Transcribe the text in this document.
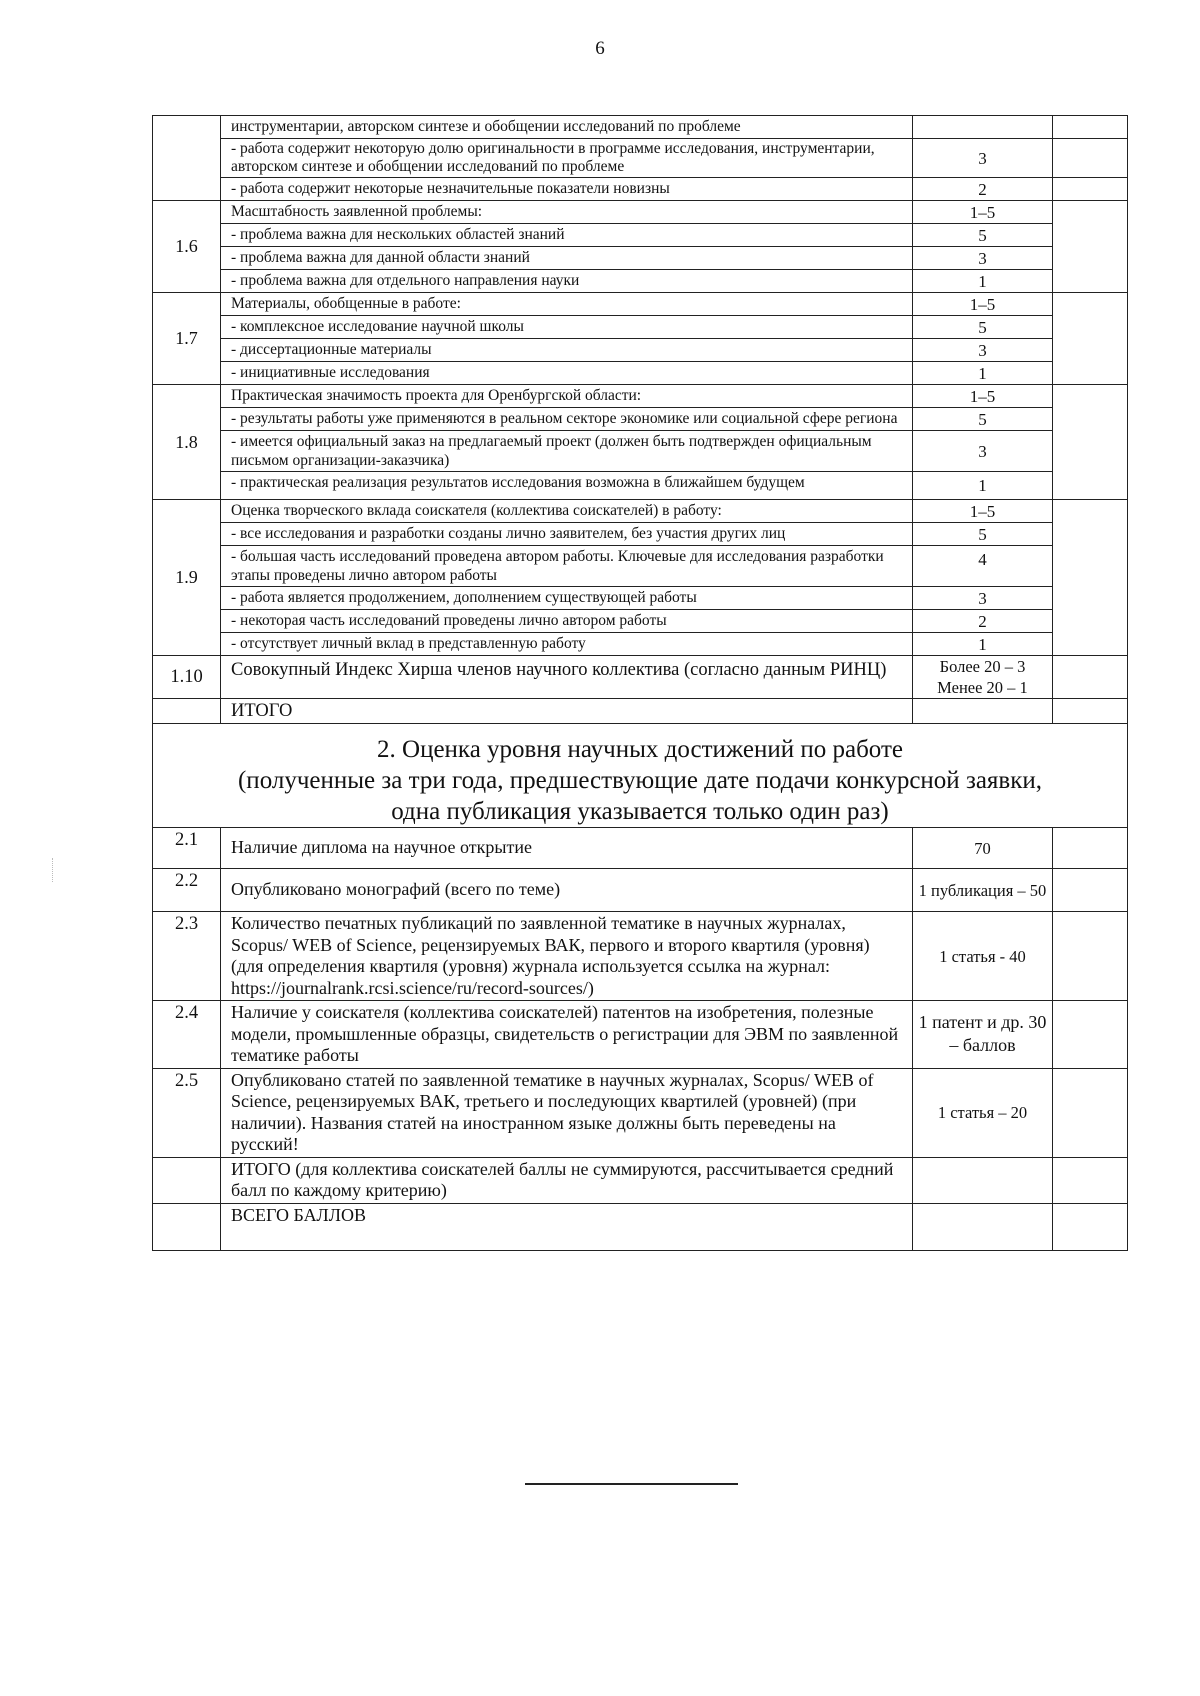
6
	инструментарии, авторском синтезе и обобщении исследований по проблеме		
	- работа содержит некоторую долю оригинальности в программе исследования, инструментарии, авторском синтезе и обобщении исследований по проблеме	3	
	- работа содержит некоторые незначительные показатели новизны	2	
1.6	Масштабность заявленной проблемы:	1–5	
	- проблема важна для нескольких областей знаний	5	
	- проблема важна для данной области знаний	3	
	- проблема важна для отдельного направления науки	1	
1.7	Материалы, обобщенные в работе:	1–5	
	- комплексное исследование научной школы	5	
	- диссертационные материалы	3	
	- инициативные исследования	1	
1.8	Практическая значимость проекта для Оренбургской области:	1–5	
	- результаты работы уже применяются в реальном секторе экономике или социальной сфере региона	5	
	- имеется официальный заказ на предлагаемый проект (должен быть подтвержден официальным письмом организации-заказчика)	3	
	- практическая реализация результатов исследования возможна в ближайшем будущем	1	
1.9	Оценка творческого вклада соискателя (коллектива соискателей) в работу:	1–5	
	- все исследования и разработки созданы лично заявителем, без участия других лиц	5	
	- большая часть исследований проведена автором работы. Ключевые для исследования разработки этапы проведены лично автором работы	4	
	- работа является продолжением, дополнением существующей работы	3	
	- некоторая часть исследований проведены лично автором работы	2	
	- отсутствует личный вклад в представленную работу	1	
1.10	Совокупный Индекс Хирша членов научного коллектива (согласно данным РИНЦ)	Более 20 – 3
Менее 20 – 1	

	ИТОГО		

2. Оценка уровня научных достижений по работе
(полученные за три года, предшествующие дате подачи конкурсной заявки,
одна публикация указывается только один раз)			

2.1	Наличие диплома на научное открытие	70	
2.2	Опубликовано монографий (всего по теме)	1 публикация – 50	
2.3	Количество печатных публикаций по заявленной тематике в научных журналах, Scopus/ WEB of Science, рецензируемых ВАК, первого и второго квартиля (уровня) (для определения квартиля (уровня) журнала используется ссылка на журнал: https://journalrank.rcsi.science/ru/record-sources/)	1 статья - 40	
2.4	Наличие у соискателя (коллектива соискателей) патентов на изобретения, полезные модели, промышленные образцы, свидетельств о регистрации для ЭВМ по заявленной тематике работы	1 патент и др. 30 – баллов	
2.5	Опубликовано статей по заявленной тематике в научных журналах, Scopus/ WEB of Science, рецензируемых ВАК, третьего и последующих квартилей (уровней) (при наличии). Названия статей на иностранном языке должны быть переведены на русский!	1 статья – 20	
	ИТОГО (для коллектива соискателей баллы не суммируются, рассчитывается средний балл по каждому критерию)		
	ВСЕГО БАЛЛОВ		
